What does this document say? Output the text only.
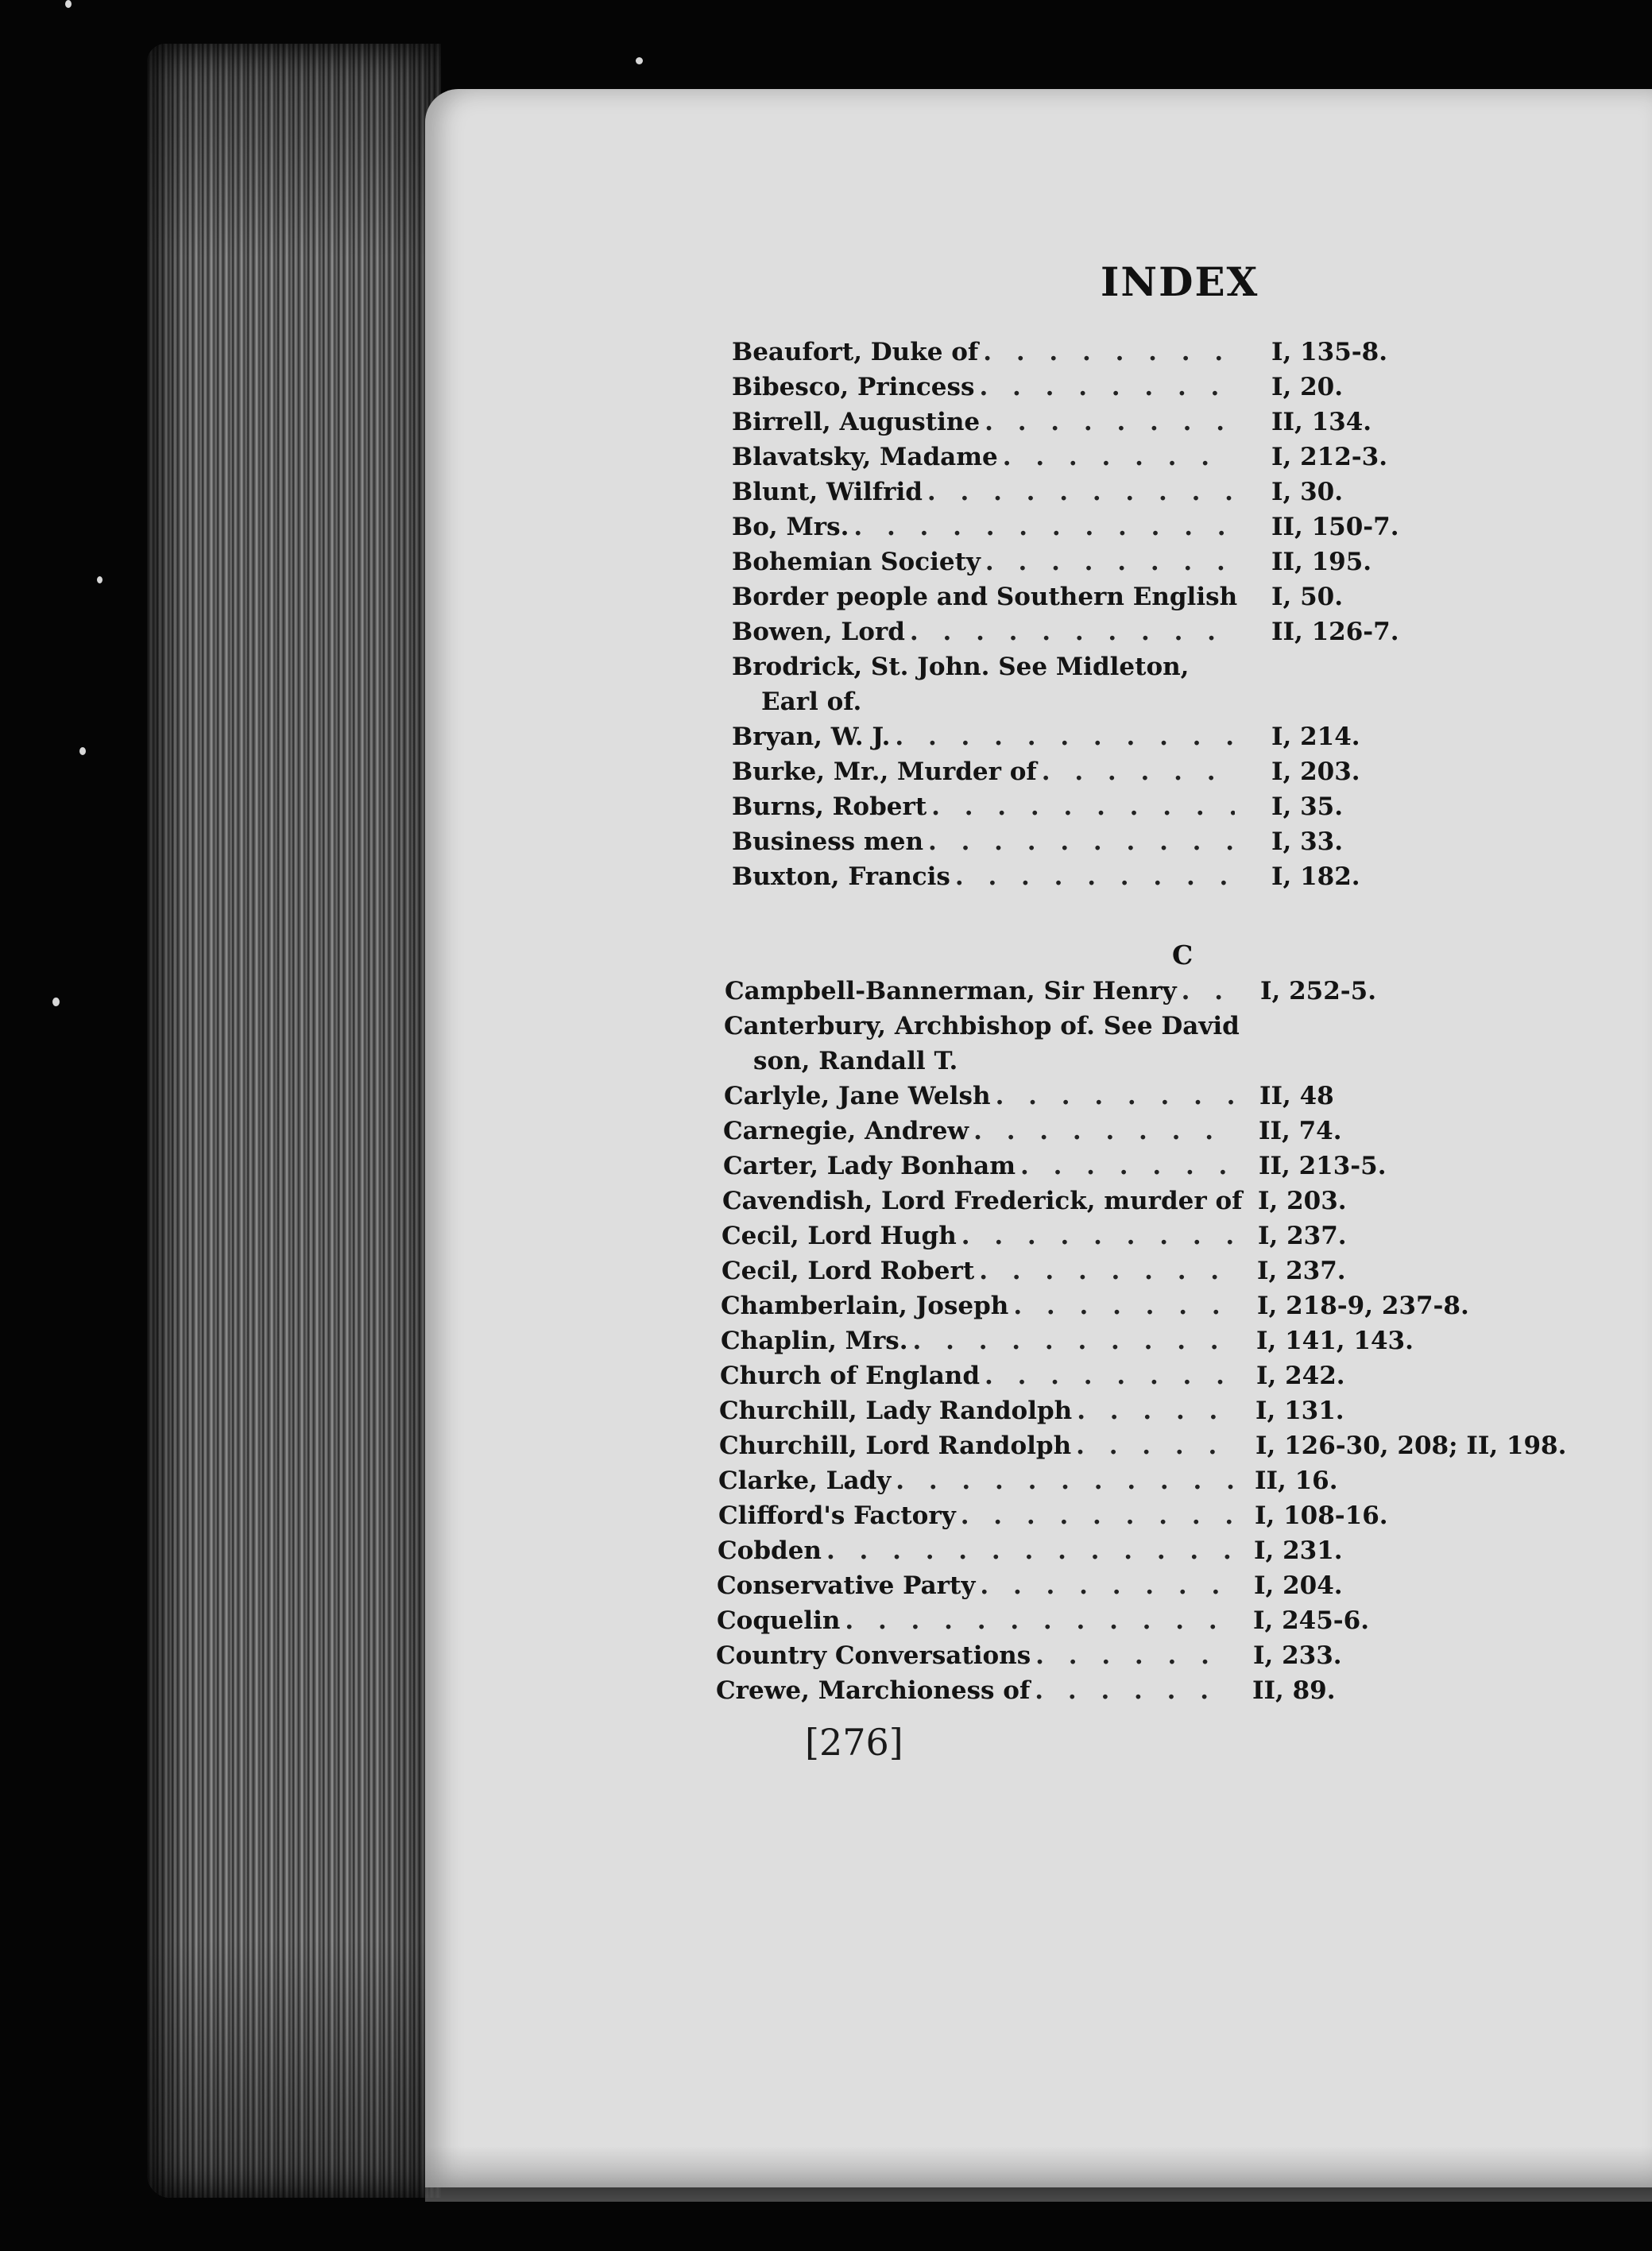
INDEX
Beaufort, Duke of . . .	I, 135-8.
Bibesco, Princess . . .	I, 20.
Birrell, Augustine . . .	II, 134.
Blavatsky, Madame . . .	I, 212-3.
Blunt, Wilfrid . . .	I, 30.
Bo, Mrs. . . .	II, 150-7.
Bohemian Society . . .	II, 195.
Border people and Southern English I, 50.
Bowen, Lord . . .	II, 126-7.
Brodrick, St. John. See Midleton,
Earl of.
Bryan, W. J. . . .	I, 214.
Burke, Mr., Murder of . . .	I, 203.
Burns, Robert . . .	I, 35.
Business men . . .	I, 33.
Buxton, Francis . . .	I, 182.
Campbell-Bannerman, Sir Henry . . .	I, 252-5.
Canterbury, Archbishop of. See David
son, Randall T.
Carlyle, Jane Welsh . . .	II, 48
Carnegie, Andrew . . .	II, 74.
Carter, Lady Bonham . . .	II, 213-5.
Cavendish, Lord Frederick, murder of I, 203.
Cecil, Lord Hugh . . .	I, 237.
Cecil, Lord Robert . . .	I, 237.
Chamberlain, Joseph . . .	I, 218-9, 237-8.
Chaplin, Mrs. . . .	I, 141, 143.
Church of England . . .	I, 242.
Churchill, Lady Randolph . . .	I, 131.
Churchill, Lord Randolph . . .	I, 126-30, 208; II, 198.
Clarke, Lady . . .	II, 16.
Clifford's Factory . . .	I, 108-16.
Cobden . . .	I, 231.
Conservative Party . . .	I, 204.
Coquelin . . .	I, 245-6.
Country Conversations . . .	I, 233.
Crewe, Marchioness of . . .	II, 89.
C
[276]
